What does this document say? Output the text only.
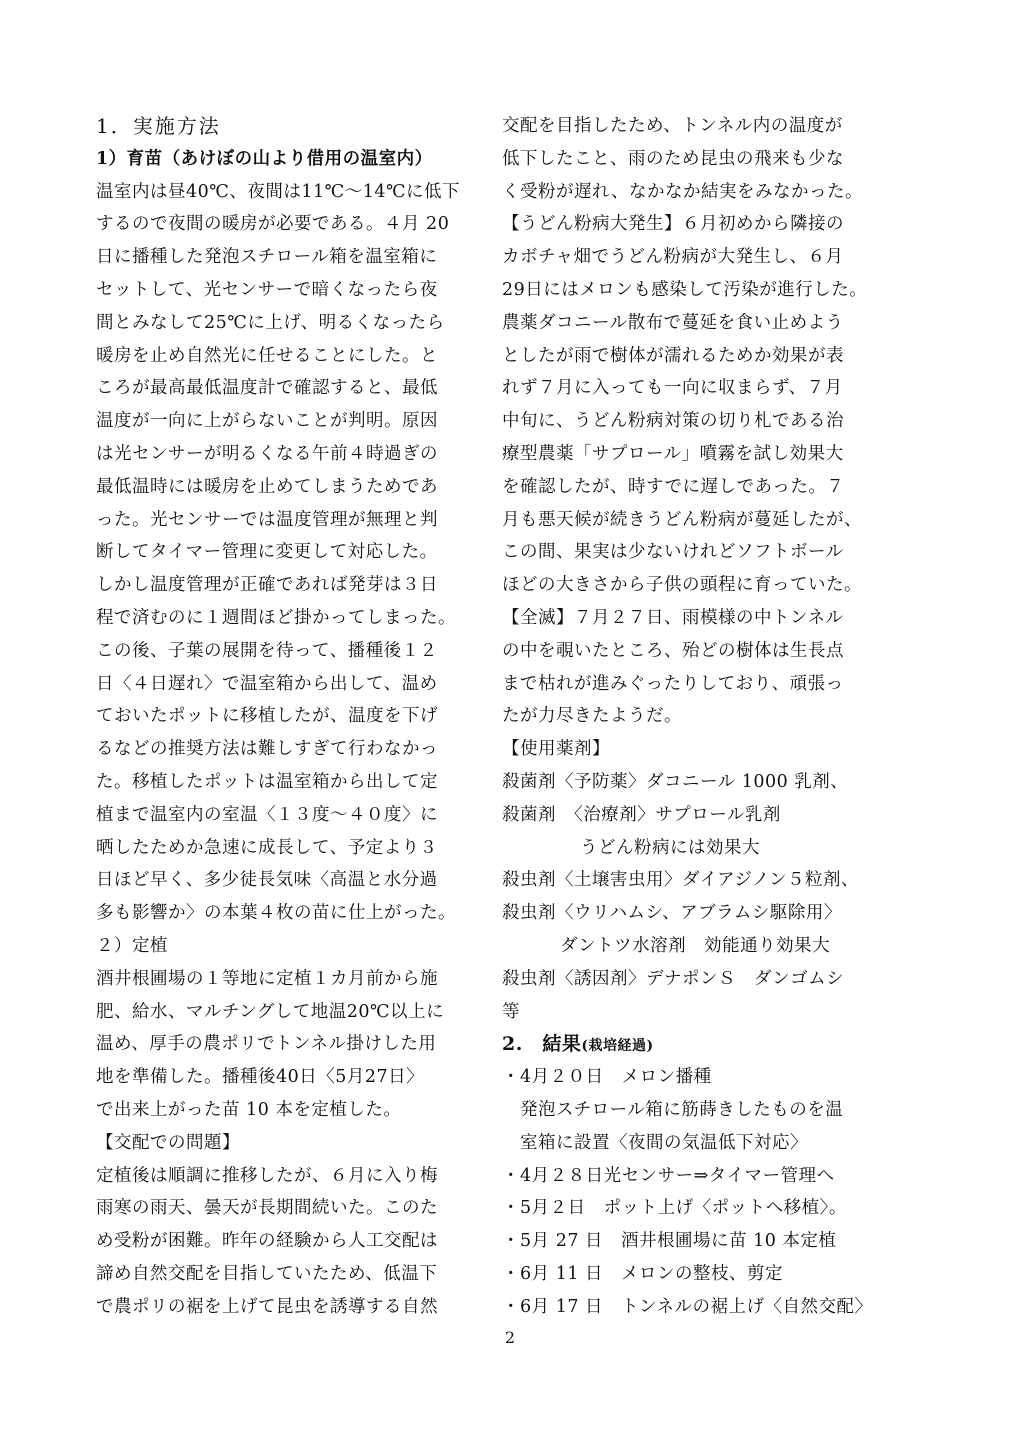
1．実施方法
1）育苗（あけぼの山より借用の温室内）
温室内は昼40℃、夜間は11℃～14℃に低下
するので夜間の暖房が必要である。４月 20
日に播種した発泡スチロール箱を温室箱に
セットして、光センサーで暗くなったら夜
間とみなして25℃に上げ、明るくなったら
暖房を止め自然光に任せることにした。と
ころが最高最低温度計で確認すると、最低
温度が一向に上がらないことが判明。原因
は光センサーが明るくなる午前４時過ぎの
最低温時には暖房を止めてしまうためであ
った。光センサーでは温度管理が無理と判
断してタイマー管理に変更して対応した。
しかし温度管理が正確であれば発芽は３日
程で済むのに１週間ほど掛かってしまった。
この後、子葉の展開を待って、播種後１２
日〈４日遅れ〉で温室箱から出して、温め
ておいたポットに移植したが、温度を下げ
るなどの推奨方法は難しすぎて行わなかっ
た。移植したポットは温室箱から出して定
植まで温室内の室温〈１３度～４０度〉に
晒したためか急速に成長して、予定より３
日ほど早く、多少徒長気味〈高温と水分過
多も影響か〉の本葉４枚の苗に仕上がった。
２）定植
酒井根圃場の１等地に定植１カ月前から施
肥、給水、マルチングして地温20℃以上に
温め、厚手の農ポリでトンネル掛けした用
地を準備した。播種後40日〈5月27日〉
で出来上がった苗 10 本を定植した。
【交配での問題】
定植後は順調に推移したが、６月に入り梅
雨寒の雨天、曇天が長期間続いた。このた
め受粉が困難。昨年の経験から人工交配は
諦め自然交配を目指していたため、低温下
で農ポリの裾を上げて昆虫を誘導する自然
交配を目指したため、トンネル内の温度が
低下したこと、雨のため昆虫の飛来も少な
く受粉が遅れ、なかなか結実をみなかった。
【うどん粉病大発生】６月初めから隣接の
カボチャ畑でうどん粉病が大発生し、６月
29日にはメロンも感染して汚染が進行した。
農薬ダコニール散布で蔓延を食い止めよう
としたが雨で樹体が濡れるためか効果が表
れず７月に入っても一向に収まらず、７月
中旬に、うどん粉病対策の切り札である治
療型農薬「サプロール」噴霧を試し効果大
を確認したが、時すでに遅しであった。７
月も悪天候が続きうどん粉病が蔓延したが、
この間、果実は少ないけれどソフトボール
ほどの大きさから子供の頭程に育っていた。
【全滅】７月２７日、雨模様の中トンネル
の中を覗いたところ、殆どの樹体は生長点
まで枯れが進みぐったりしており、頑張っ
たが力尽きたようだ。
【使用薬剤】
殺菌剤〈予防薬〉ダコニール 1000 乳剤、
殺菌剤　〈治療剤〉サプロール乳剤
うどん粉病には効果大
殺虫剤〈土壌害虫用〉ダイアジノン５粒剤、
殺虫剤〈ウリハムシ、アブラムシ駆除用〉
ダントツ水溶剤　効能通り効果大
殺虫剤〈誘因剤〉デナポンＳ　ダンゴムシ
等
2.　結果(栽培経過)
・4月２０日　メロン播種
発泡スチロール箱に筋蒔きしたものを温
室箱に設置〈夜間の気温低下対応〉
・4月２８日光センサー⇒タイマー管理へ
・5月２日　ポット上げ〈ポットへ移植〉。
・5月 27 日　酒井根圃場に苗 10 本定植
・6月 11 日　メロンの整枝、剪定
・6月 17 日　トンネルの裾上げ〈自然交配〉
2
